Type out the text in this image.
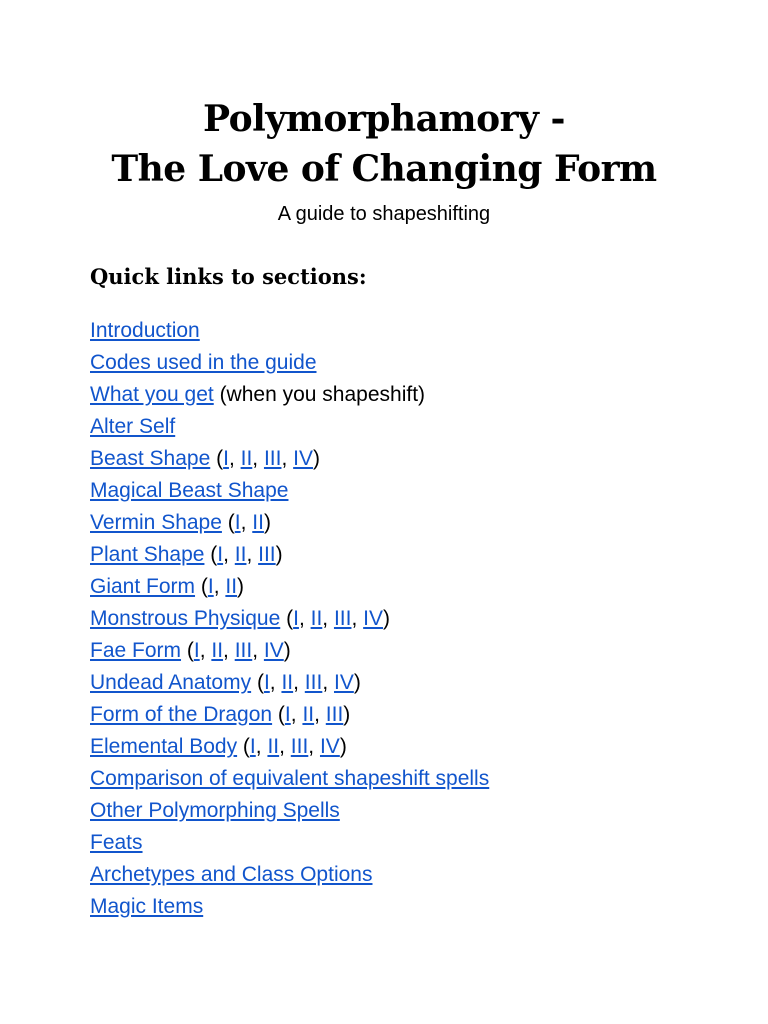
Polymorphamory -
The Love of Changing Form
A guide to shapeshifting
Quick links to sections:
Introduction
Codes used in the guide
What you get (when you shapeshift)
Alter Self
Beast Shape (I, II, III, IV)
Magical Beast Shape
Vermin Shape (I, II)
Plant Shape (I, II, III)
Giant Form (I, II)
Monstrous Physique (I, II, III, IV)
Fae Form (I, II, III, IV)
Undead Anatomy (I, II, III, IV)
Form of the Dragon (I, II, III)
Elemental Body (I, II, III, IV)
Comparison of equivalent shapeshift spells
Other Polymorphing Spells
Feats
Archetypes and Class Options
Magic Items
